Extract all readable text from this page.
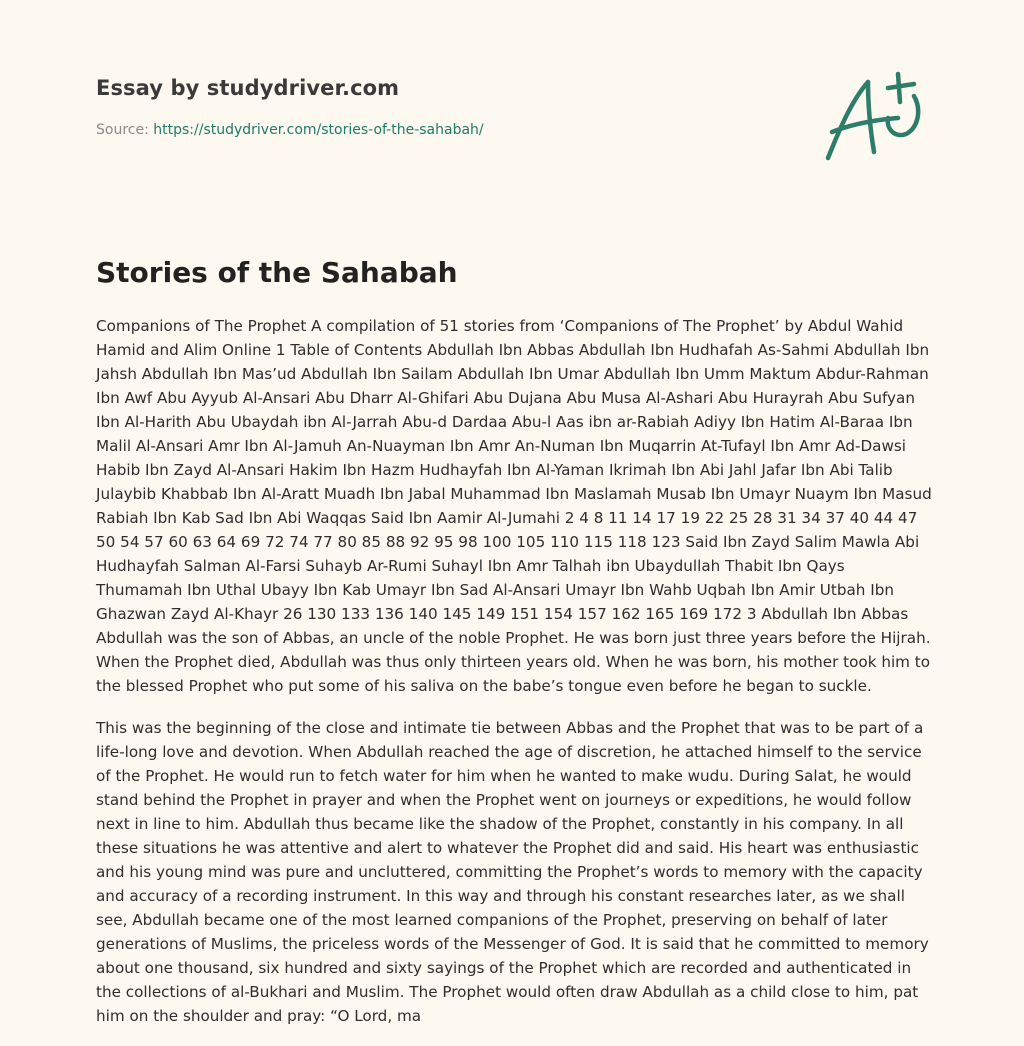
Essay by studydriver.com
Source: https://studydriver.com/stories-of-the-sahabah/
Stories of the Sahabah

Companions of The Prophet A compilation of 51 stories from ‘Companions of The Prophet’ by Abdul Wahid Hamid and Alim Online 1 Table of Contents Abdullah Ibn Abbas Abdullah Ibn Hudhafah As-Sahmi Abdullah Ibn Jahsh Abdullah Ibn Mas’ud Abdullah Ibn Sailam Abdullah Ibn Umar Abdullah Ibn Umm Maktum Abdur-Rahman Ibn Awf Abu Ayyub Al-Ansari Abu Dharr Al-Ghifari Abu Dujana Abu Musa Al-Ashari Abu Hurayrah Abu Sufyan Ibn Al-Harith Abu Ubaydah ibn Al-Jarrah Abu-d Dardaa Abu-l Aas ibn ar-Rabiah Adiyy Ibn Hatim Al-Baraa Ibn Malil Al-Ansari Amr Ibn Al-Jamuh An-Nuayman Ibn Amr An-Numan Ibn Muqarrin At-Tufayl Ibn Amr Ad-Dawsi Habib Ibn Zayd Al-Ansari Hakim Ibn Hazm Hudhayfah Ibn Al-Yaman Ikrimah Ibn Abi Jahl Jafar Ibn Abi Talib Julaybib Khabbab Ibn Al-Aratt Muadh Ibn Jabal Muhammad Ibn Maslamah Musab Ibn Umayr Nuaym Ibn Masud Rabiah Ibn Kab Sad Ibn Abi Waqqas Said Ibn Aamir Al-Jumahi 2 4 8 11 14 17 19 22 25 28 31 34 37 40 44 47 50 54 57 60 63 64 69 72 74 77 80 85 88 92 95 98 100 105 110 115 118 123 Said Ibn Zayd Salim Mawla Abi Hudhayfah Salman Al-Farsi Suhayb Ar-Rumi Suhayl Ibn Amr Talhah ibn Ubaydullah Thabit Ibn Qays Thumamah Ibn Uthal Ubayy Ibn Kab Umayr Ibn Sad Al-Ansari Umayr Ibn Wahb Uqbah Ibn Amir Utbah Ibn Ghazwan Zayd Al-Khayr 26 130 133 136 140 145 149 151 154 157 162 165 169 172 3 Abdullah Ibn Abbas Abdullah was the son of Abbas, an uncle of the noble Prophet. He was born just three years before the Hijrah. When the Prophet died, Abdullah was thus only thirteen years old. When he was born, his mother took him to the blessed Prophet who put some of his saliva on the babe’s tongue even before he began to suckle.

This was the beginning of the close and intimate tie between Abbas and the Prophet that was to be part of a life-long love and devotion. When Abdullah reached the age of discretion, he attached himself to the service of the Prophet. He would run to fetch water for him when he wanted to make wudu. During Salat, he would stand behind the Prophet in prayer and when the Prophet went on journeys or expeditions, he would follow next in line to him. Abdullah thus became like the shadow of the Prophet, constantly in his company. In all these situations he was attentive and alert to whatever the Prophet did and said. His heart was enthusiastic and his young mind was pure and uncluttered, committing the Prophet’s words to memory with the capacity and accuracy of a recording instrument. In this way and through his constant researches later, as we shall see, Abdullah became one of the most learned companions of the Prophet, preserving on behalf of later generations of Muslims, the priceless words of the Messenger of God. It is said that he committed to memory about one thousand, six hundred and sixty sayings of the Prophet which are recorded and authenticated in the collections of al-Bukhari and Muslim. The Prophet would often draw Abdullah as a child close to him, pat him on the shoulder and pray: “O Lord, ma
